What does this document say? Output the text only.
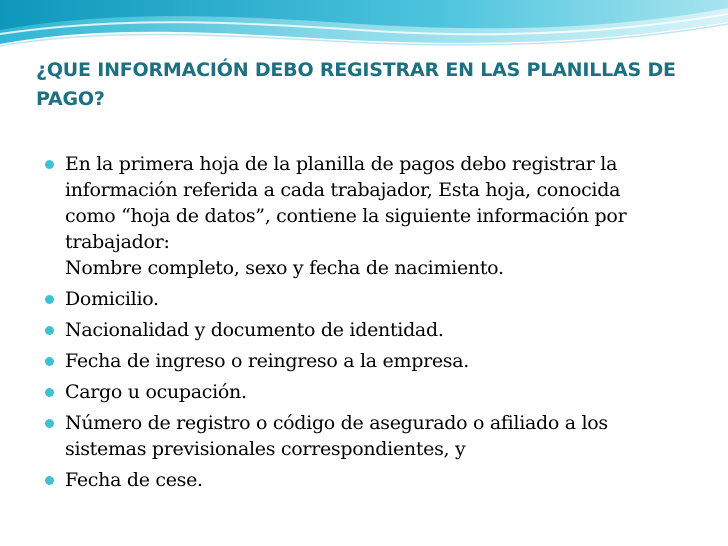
¿QUE INFORMACIÓN DEBO REGISTRAR EN LAS PLANILLAS DE
PAGO?
En la primera hoja de la planilla de pagos debo registrar la
información referida a cada trabajador, Esta hoja, conocida
como “hoja de datos”, contiene la siguiente información por
trabajador:
Nombre completo, sexo y fecha de nacimiento.
Domicilio.
Nacionalidad y documento de identidad.
Fecha de ingreso o reingreso a la empresa.
Cargo u ocupación.
Número de registro o código de asegurado o afiliado a los
sistemas previsionales correspondientes, y
Fecha de cese.
